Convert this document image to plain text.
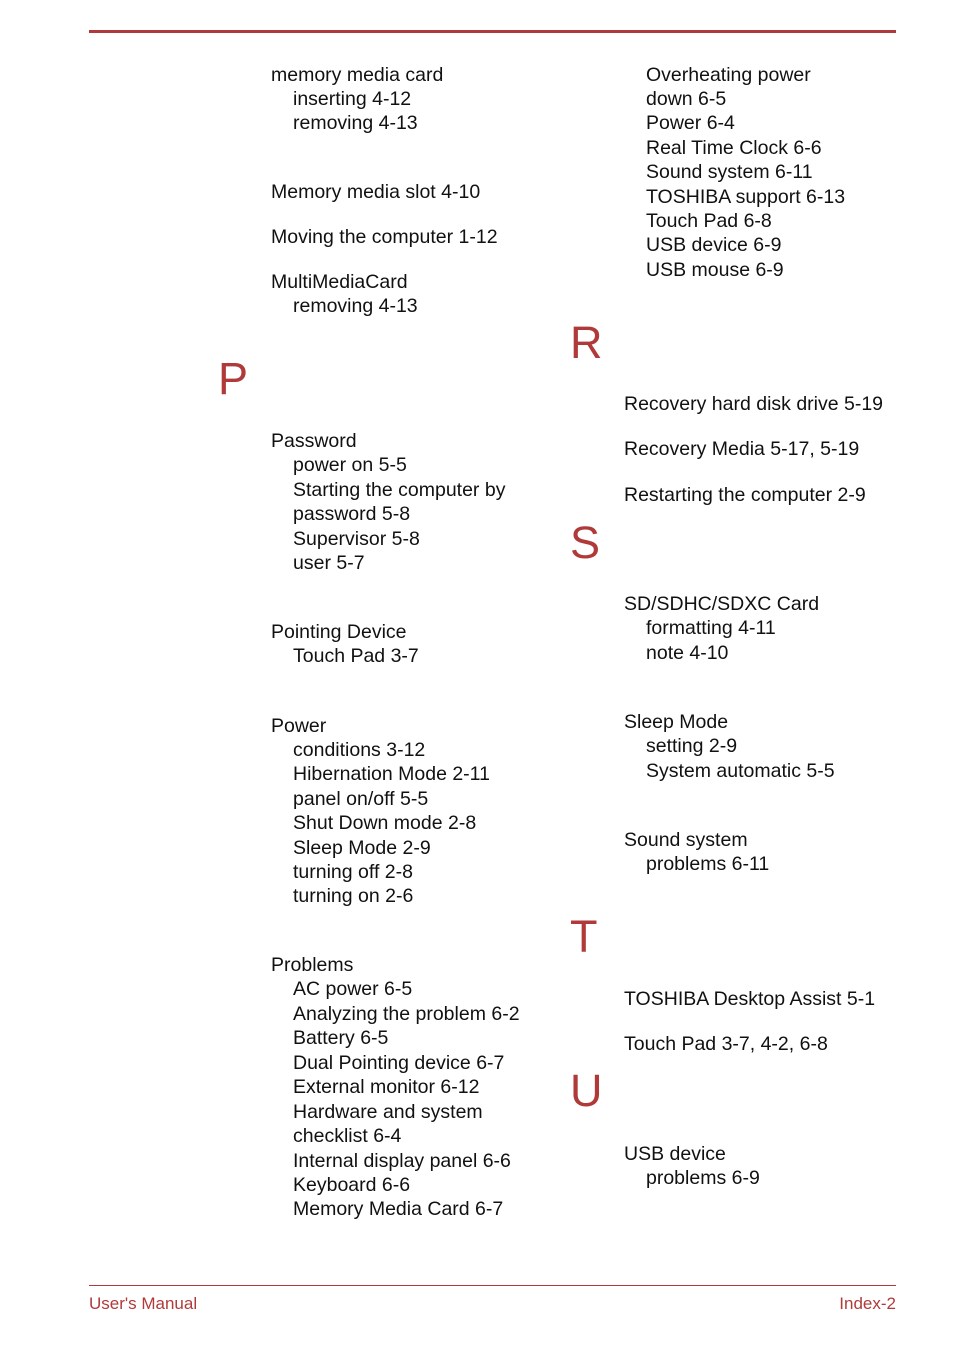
memory media card
inserting 4-12
removing 4-13
Memory media slot 4-10
Moving the computer 1-12
MultiMediaCard
removing 4-13
P
Password
power on 5-5
Starting the computer by
password 5-8
Supervisor 5-8
user 5-7
Pointing Device
Touch Pad 3-7
Power
conditions 3-12
Hibernation Mode 2-11
panel on/off 5-5
Shut Down mode 2-8
Sleep Mode 2-9
turning off 2-8
turning on 2-6
Problems
AC power 6-5
Analyzing the problem 6-2
Battery 6-5
Dual Pointing device 6-7
External monitor 6-12
Hardware and system
checklist 6-4
Internal display panel 6-6
Keyboard 6-6
Memory Media Card 6-7
Overheating power
down 6-5
Power 6-4
Real Time Clock 6-6
Sound system 6-11
TOSHIBA support 6-13
Touch Pad 6-8
USB device 6-9
USB mouse 6-9
R
Recovery hard disk drive 5-19
Recovery Media 5-17, 5-19
Restarting the computer 2-9
S
SD/SDHC/SDXC Card
formatting 4-11
note 4-10
Sleep Mode
setting 2-9
System automatic 5-5
Sound system
problems 6-11
T
TOSHIBA Desktop Assist 5-1
Touch Pad 3-7, 4-2, 6-8
U
USB device
problems 6-9
User's Manual	Index-2
